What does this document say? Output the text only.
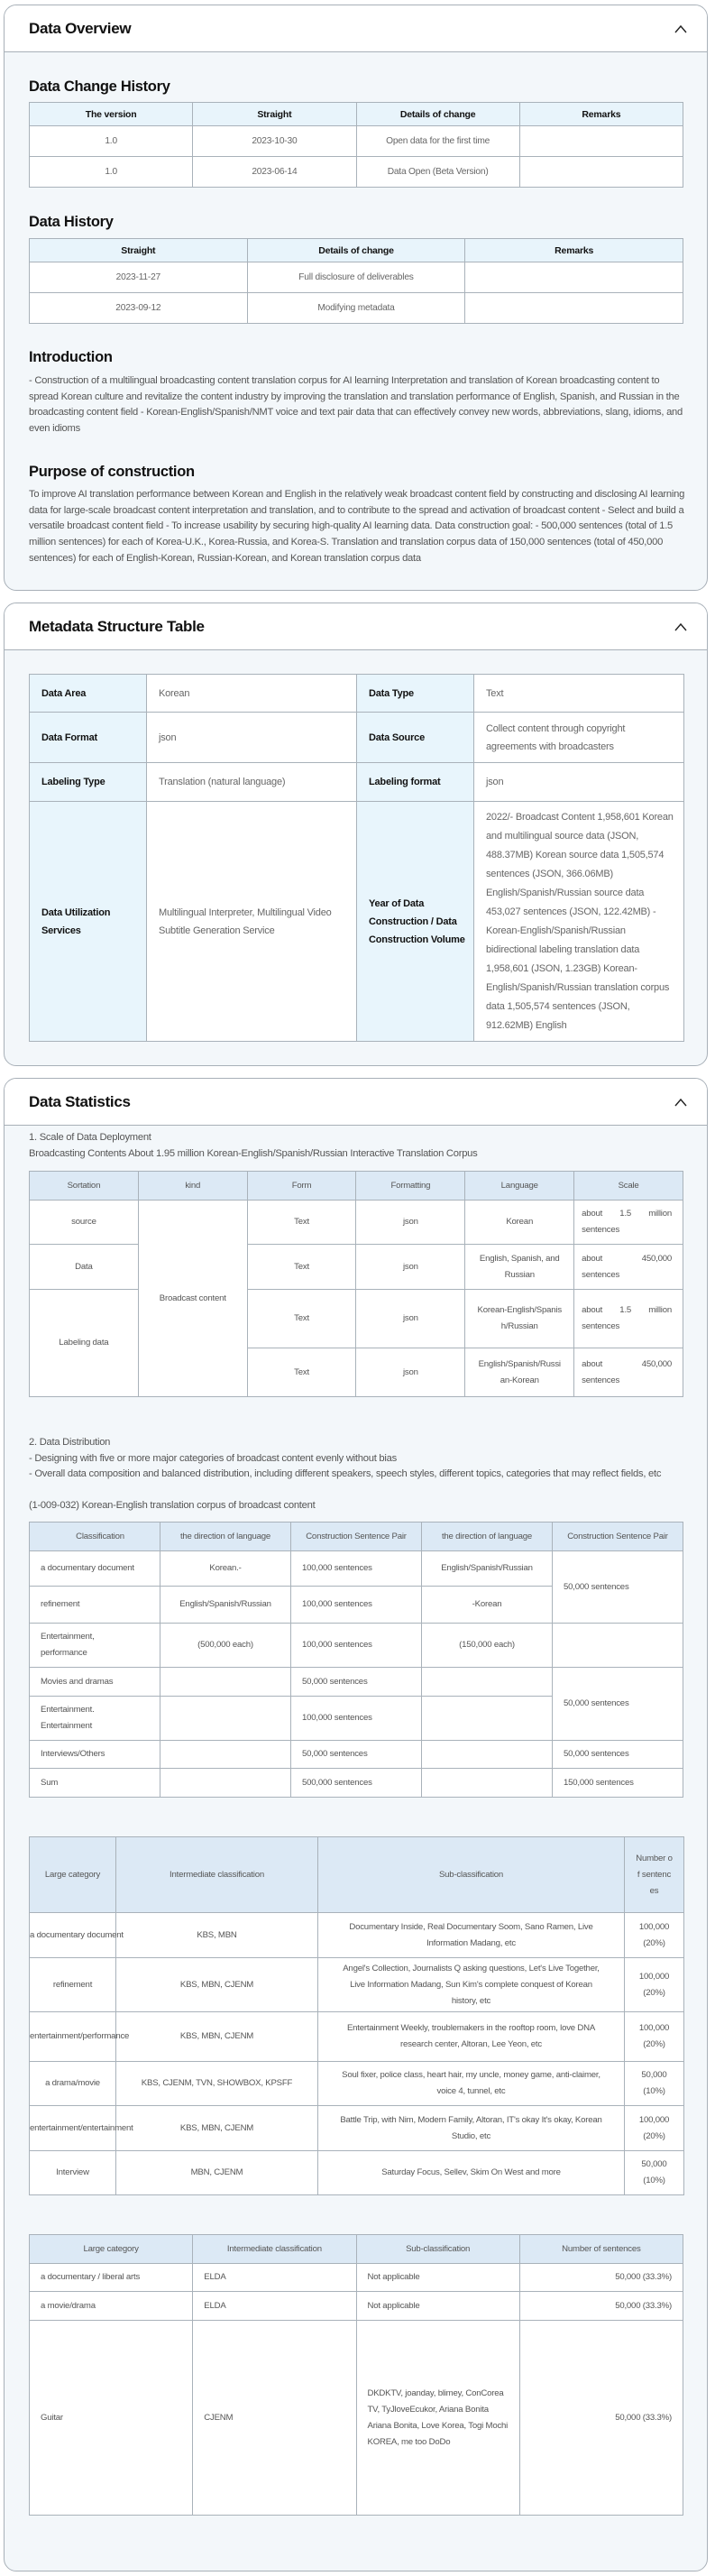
Data Overview
Data Change History
The version	Straight	Details of change	Remarks
1.0	2023-10-30	Open data for the first time	
1.0	2023-06-14	Data Open (Beta Version)	
Data History
Straight	Details of change	Remarks
2023-11-27	Full disclosure of deliverables	
2023-09-12	Modifying metadata	
Introduction
- Construction of a multilingual broadcasting content translation corpus for AI learning Interpretation and translation of Korean broadcasting content to spread Korean culture and revitalize the content industry by improving the translation and translation performance of English, Spanish, and Russian in the broadcasting content field - Korean-English/Spanish/NMT voice and text pair data that can effectively convey new words, abbreviations, slang, idioms, and even idioms
Purpose of construction
To improve AI translation performance between Korean and English in the relatively weak broadcast content field by constructing and disclosing AI learning data for large-scale broadcast content interpretation and translation, and to contribute to the spread and activation of broadcast content - Select and build a versatile broadcast content field - To increase usability by securing high-quality AI learning data. Data construction goal: - 500,000 sentences (total of 1.5 million sentences) for each of Korea-U.K., Korea-Russia, and Korea-S. Translation and translation corpus data of 150,000 sentences (total of 450,000 sentences) for each of English-Korean, Russian-Korean, and Korean translation corpus data
Metadata Structure Table
Data Area	Korean	Data Type	Text
Data Format	json	Data Source	Collect content through copyright agreements with broadcasters
Labeling Type	Translation (natural language)	Labeling format	json
Data Utilization Services	Multilingual Interpreter, Multilingual Video Subtitle Generation Service	Year of Data Construction / Data Construction Volume	2022/- Broadcast Content 1,958,601 Korean and multilingual source data (JSON, 488.37MB) Korean source data 1,505,574 sentences (JSON, 366.06MB) English/Spanish/Russian source data 453,027 sentences (JSON, 122.42MB) - Korean-English/Spanish/Russian bidirectional labeling translation data 1,958,601 (JSON, 1.23GB) Korean-English/Spanish/Russian translation corpus data 1,505,574 sentences (JSON, 912.62MB) English
Data Statistics
1. Scale of Data Deployment
Broadcasting Contents About 1.95 million Korean-English/Spanish/Russian Interactive Translation Corpus
Sortation	kind	Form	Formatting	Language	Scale
source	Broadcast content	Text	json	Korean	about 1.5 million sentences
Data		Text	json	English, Spanish, and Russian	about 450,000 sentences
Labeling data		Text	json	Korean-English/Spanish/Russian	about 1.5 million sentences
		Text	json	English/Spanish/Russian-Korean	about 450,000 sentences
2. Data Distribution
- Designing with five or more major categories of broadcast content evenly without bias
- Overall data composition and balanced distribution, including different speakers, speech styles, different topics, categories that may reflect fields, etc
(1-009-032) Korean-English translation corpus of broadcast content
Classification	the direction of language	Construction Sentence Pair	the direction of language	Construction Sentence Pair
a documentary document	Korean.-	100,000 sentences	English/Spanish/Russian	50,000 sentences
refinement	English/Spanish/Russian	100,000 sentences	-Korean	
Entertainment, performance	(500,000 each)	100,000 sentences	(150,000 each)	
Movies and dramas		50,000 sentences		50,000 sentences
Entertainment. Entertainment		100,000 sentences		
Interviews/Others		50,000 sentences		50,000 sentences
Sum		500,000 sentences		150,000 sentences
Large category	Intermediate classification	Sub-classification	Number of sentences
a documentary document	KBS, MBN	Documentary Inside, Real Documentary Soom, Sano Ramen, Live Information Madang, etc	100,000 (20%)
refinement	KBS, MBN, CJENM	Angel's Collection, Journalists Q asking questions, Let's Live Together, Live Information Madang, Sun Kim's complete conquest of Korean history, etc	100,000 (20%)
entertainment/performance	KBS, MBN, CJENM	Entertainment Weekly, troublemakers in the rooftop room, love DNA research center, Altoran, Lee Yeon, etc	100,000 (20%)
a drama/movie	KBS, CJENM, TVN, SHOWBOX, KPSFF	Soul fixer, police class, heart hair, my uncle, money game, anti-claimer, voice 4, tunnel, etc	50,000 (10%)
entertainment/entertainment	KBS, MBN, CJENM	Battle Trip, with Nim, Modern Family, Altoran, IT's okay It's okay, Korean Studio, etc	100,000 (20%)
Interview	MBN, CJENM	Saturday Focus, Sellev, Skim On West and more	50,000 (10%)
Large category	Intermediate classification	Sub-classification	Number of sentences
a documentary / liberal arts	ELDA	Not applicable	50,000 (33.3%)
a movie/drama	ELDA	Not applicable	50,000 (33.3%)
Guitar	CJENM	DKDKTV, joanday, blimey, ConCorea TV, TyJloveEcukor, Ariana Bonita Ariana Bonita, Love Korea, Togi Mochi KOREA, me too DoDo	50,000 (33.3%)
